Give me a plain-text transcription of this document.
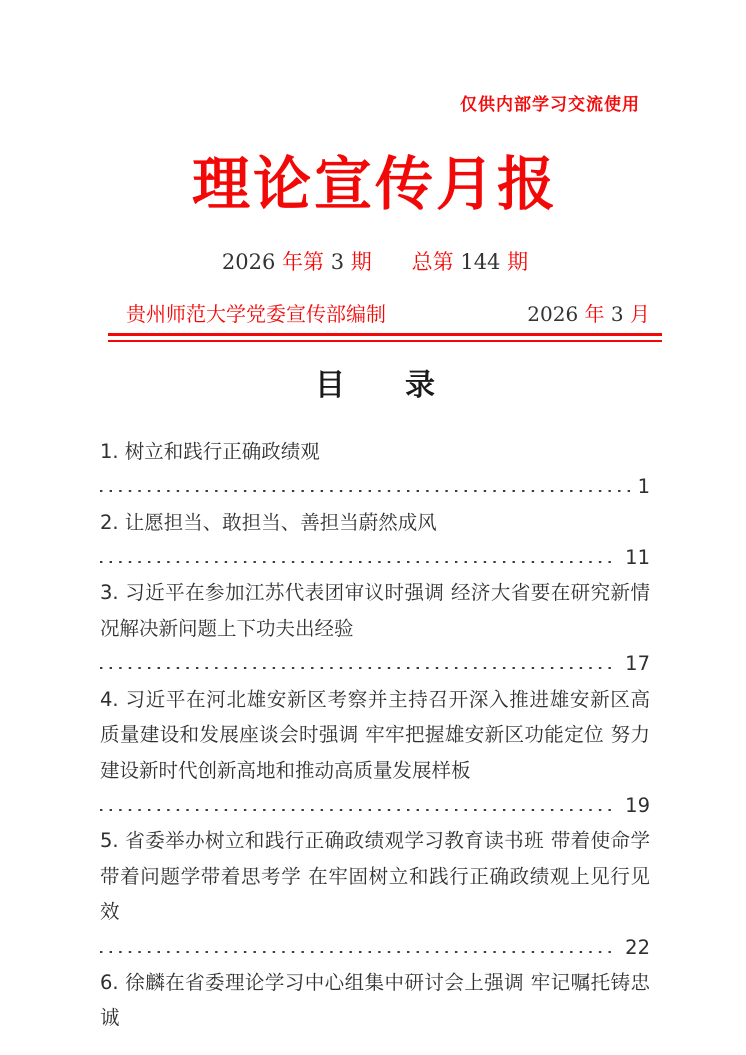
仅供内部学习交流使用
理论宣传月报
2026 年第 3 期 总第 144 期
贵州师范大学党委宣传部编制	2026 年 3 月
目　　录
1. 树立和践行正确政绩观
1
2. 让愿担当、敢担当、善担当蔚然成风
11
3. 习近平在参加江苏代表团审议时强调 经济大省要在研究新情况解决新问题上下功夫出经验
17
4. 习近平在河北雄安新区考察并主持召开深入推进雄安新区高质量建设和发展座谈会时强调 牢牢把握雄安新区功能定位 努力建设新时代创新高地和推动高质量发展样板
19
5. 省委举办树立和践行正确政绩观学习教育读书班 带着使命学带着问题学带着思考学 在牢固树立和践行正确政绩观上见行见效
22
6. 徐麟在省委理论学习中心组集中研讨会上强调 牢记嘱托铸忠诚
